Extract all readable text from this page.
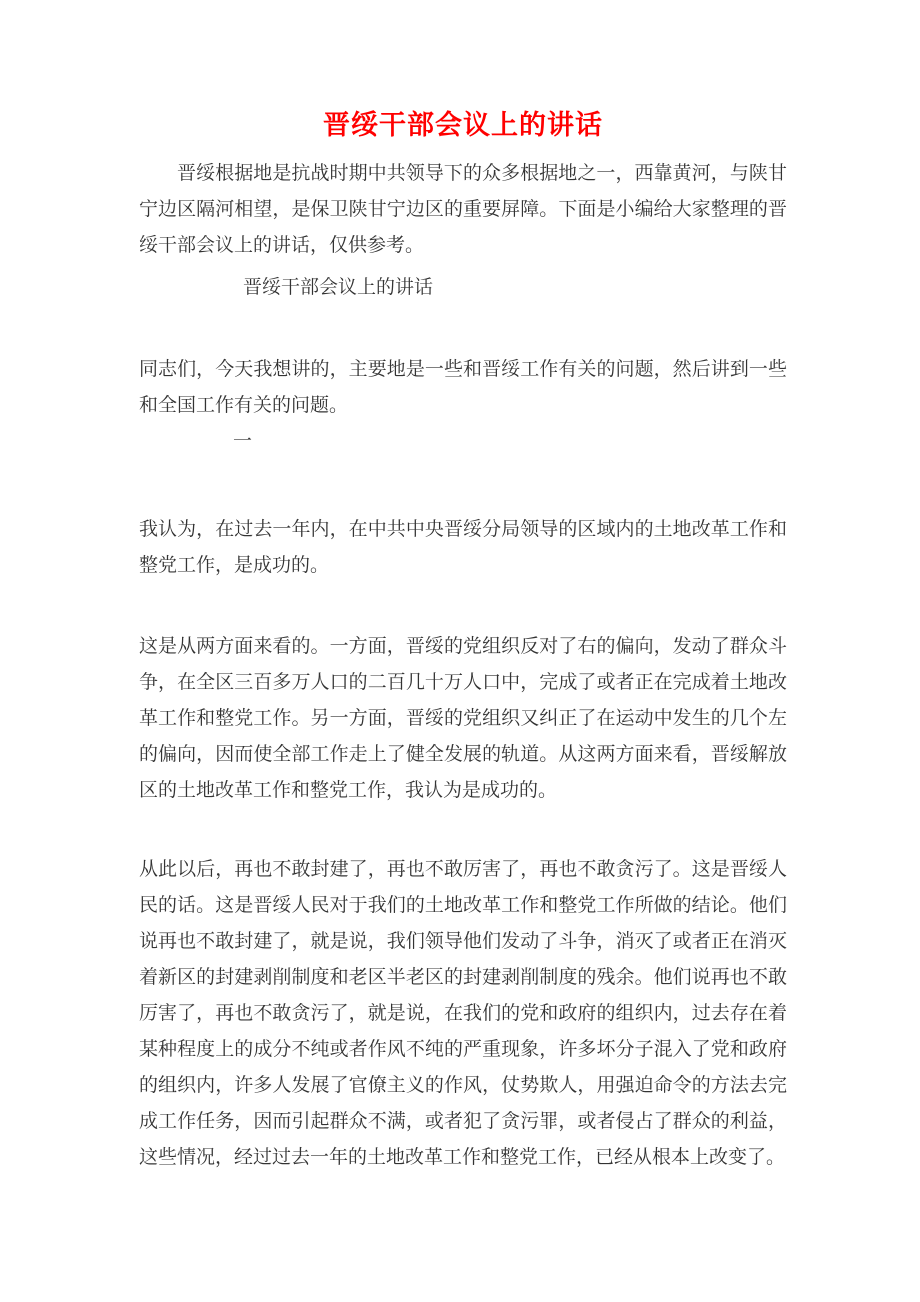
晋绥干部会议上的讲话

晋绥根据地是抗战时期中共领导下的众多根据地之一，西靠黄河，与陕甘宁边区隔河相望，是保卫陕甘宁边区的重要屏障。下面是小编给大家整理的晋绥干部会议上的讲话，仅供参考。

晋绥干部会议上的讲话

同志们，今天我想讲的，主要地是一些和晋绥工作有关的问题，然后讲到一些和全国工作有关的问题。

一

我认为，在过去一年内，在中共中央晋绥分局领导的区域内的土地改革工作和整党工作，是成功的。

这是从两方面来看的。一方面，晋绥的党组织反对了右的偏向，发动了群众斗争，在全区三百多万人口的二百几十万人口中，完成了或者正在完成着土地改革工作和整党工作。另一方面，晋绥的党组织又纠正了在运动中发生的几个左的偏向，因而使全部工作走上了健全发展的轨道。从这两方面来看，晋绥解放区的土地改革工作和整党工作，我认为是成功的。

从此以后，再也不敢封建了，再也不敢厉害了，再也不敢贪污了。这是晋绥人民的话。这是晋绥人民对于我们的土地改革工作和整党工作所做的结论。他们说再也不敢封建了，就是说，我们领导他们发动了斗争，消灭了或者正在消灭着新区的封建剥削制度和老区半老区的封建剥削制度的残余。他们说再也不敢厉害了，再也不敢贪污了，就是说，在我们的党和政府的组织内，过去存在着某种程度上的成分不纯或者作风不纯的严重现象，许多坏分子混入了党和政府的组织内，许多人发展了官僚主义的作风，仗势欺人，用强迫命令的方法去完成工作任务，因而引起群众不满，或者犯了贪污罪，或者侵占了群众的利益，这些情况，经过过去一年的土地改革工作和整党工作，已经从根本上改变了。
